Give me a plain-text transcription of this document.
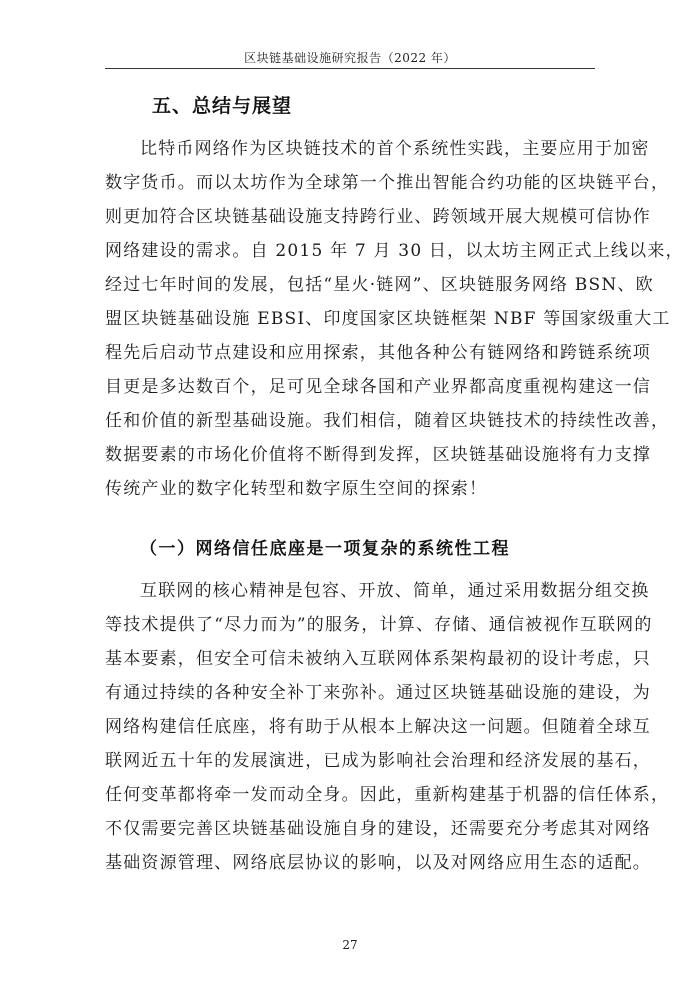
区块链基础设施研究报告（2022 年）
五、总结与展望

比特币网络作为区块链技术的首个系统性实践，主要应用于加密

数字货币。而以太坊作为全球第一个推出智能合约功能的区块链平台，

则更加符合区块链基础设施支持跨行业、跨领域开展大规模可信协作

网络建设的需求。自 2015 年 7 月 30 日，以太坊主网正式上线以来，

经过七年时间的发展，包括“星火·链网”、区块链服务网络 BSN、欧

盟区块链基础设施 EBSI、印度国家区块链框架 NBF 等国家级重大工

程先后启动节点建设和应用探索，其他各种公有链网络和跨链系统项

目更是多达数百个，足可见全球各国和产业界都高度重视构建这一信

任和价值的新型基础设施。我们相信，随着区块链技术的持续性改善，

数据要素的市场化价值将不断得到发挥，区块链基础设施将有力支撑

传统产业的数字化转型和数字原生空间的探索！

（一）网络信任底座是一项复杂的系统性工程

互联网的核心精神是包容、开放、简单，通过采用数据分组交换

等技术提供了“尽力而为”的服务，计算、存储、通信被视作互联网的

基本要素，但安全可信未被纳入互联网体系架构最初的设计考虑，只

有通过持续的各种安全补丁来弥补。通过区块链基础设施的建设，为

网络构建信任底座，将有助于从根本上解决这一问题。但随着全球互

联网近五十年的发展演进，已成为影响社会治理和经济发展的基石，

任何变革都将牵一发而动全身。因此，重新构建基于机器的信任体系，

不仅需要完善区块链基础设施自身的建设，还需要充分考虑其对网络

基础资源管理、网络底层协议的影响，以及对网络应用生态的适配。

27
